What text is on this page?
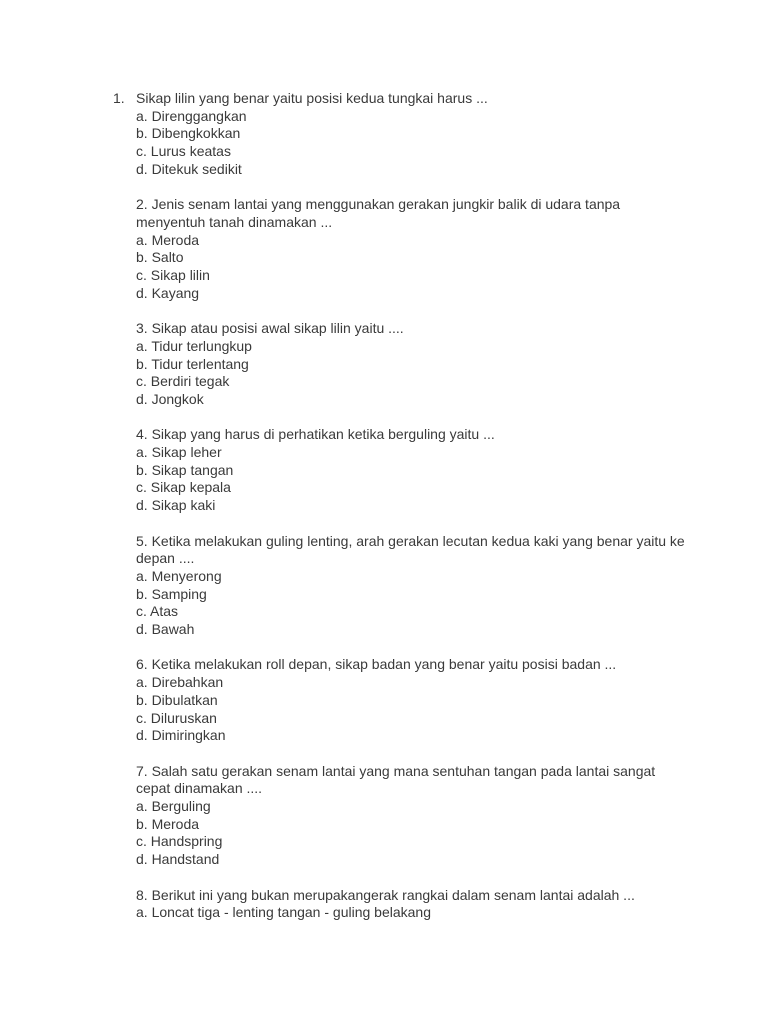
1. Sikap lilin yang benar yaitu posisi kedua tungkai harus ...
a. Direnggangkan
b. Dibengkokkan
c. Lurus keatas
d. Ditekuk sedikit
2. Jenis senam lantai yang menggunakan gerakan jungkir balik di udara tanpa
menyentuh tanah dinamakan ...
a. Meroda
b. Salto
c. Sikap lilin
d. Kayang
3. Sikap atau posisi awal sikap lilin yaitu ....
a. Tidur terlungkup
b. Tidur terlentang
c. Berdiri tegak
d. Jongkok
4. Sikap yang harus di perhatikan ketika berguling yaitu ...
a. Sikap leher
b. Sikap tangan
c. Sikap kepala
d. Sikap kaki
5. Ketika melakukan guling lenting, arah gerakan lecutan kedua kaki yang benar yaitu ke
depan ....
a. Menyerong
b. Samping
c. Atas
d. Bawah
6. Ketika melakukan roll depan, sikap badan yang benar yaitu posisi badan ...
a. Direbahkan
b. Dibulatkan
c. Diluruskan
d. Dimiringkan
7. Salah satu gerakan senam lantai yang mana sentuhan tangan pada lantai sangat
cepat dinamakan ....
a. Berguling
b. Meroda
c. Handspring
d. Handstand
8. Berikut ini yang bukan merupakangerak rangkai dalam senam lantai adalah ...
a. Loncat tiga - lenting tangan - guling belakang
